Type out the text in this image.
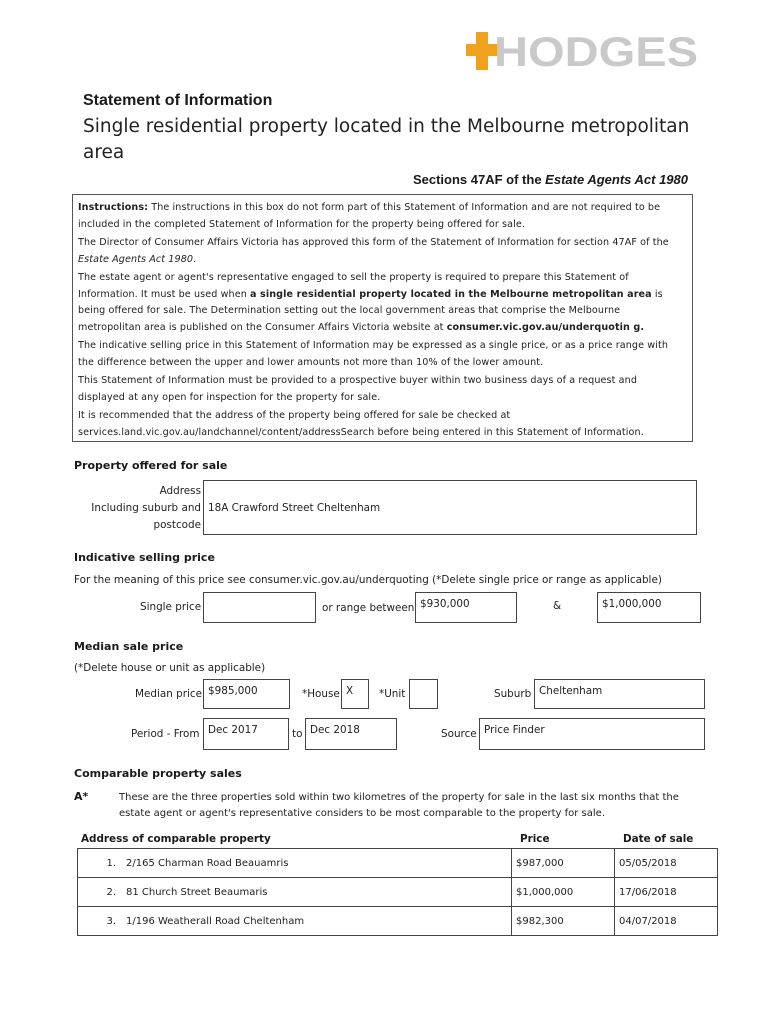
HODGES
Statement of Information
Single residential property located in the Melbourne metropolitan area
Sections 47AF of the Estate Agents Act 1980

Instructions: The instructions in this box do not form part of this Statement of Information and are not required to be included in the completed Statement of Information for the property being offered for sale.

The Director of Consumer Affairs Victoria has approved this form of the Statement of Information for section 47AF of the Estate Agents Act 1980.

The estate agent or agent's representative engaged to sell the property is required to prepare this Statement of Information. It must be used when a single residential property located in the Melbourne metropolitan area is being offered for sale. The Determination setting out the local government areas that comprise the Melbourne metropolitan area is published on the Consumer Affairs Victoria website at consumer.vic.gov.au/underquotin g.

The indicative selling price in this Statement of Information may be expressed as a single price, or as a price range with the difference between the upper and lower amounts not more than 10% of the lower amount.

This Statement of Information must be provided to a prospective buyer within two business days of a request and displayed at any open for inspection for the property for sale.

It is recommended that the address of the property being offered for sale be checked at services.land.vic.gov.au/landchannel/content/addressSearch before being entered in this Statement of Information.

Property offered for sale
Address
Including suburb and
postcode
18A Crawford Street Cheltenham
Indicative selling price
For the meaning of this price see consumer.vic.gov.au/underquoting (*Delete single price or range as applicable)
Single price	or range between $930,000	&	$1,000,000
Median sale price
(*Delete house or unit as applicable)
Median price $985,000	*House X	*Unit	Suburb Cheltenham
Period - From Dec 2017	to Dec 2018	Source Price Finder
Comparable property sales
A*	These are the three properties sold within two kilometres of the property for sale in the last six months that the estate agent or agent's representative considers to be most comparable to the property for sale.
Address of comparable property	Price	Date of sale
1. 2/165 Charman Road Beauamris	$987,000	05/05/2018
2. 81 Church Street Beaumaris	$1,000,000	17/06/2018
3. 1/196 Weatherall Road Cheltenham	$982,300	04/07/2018
